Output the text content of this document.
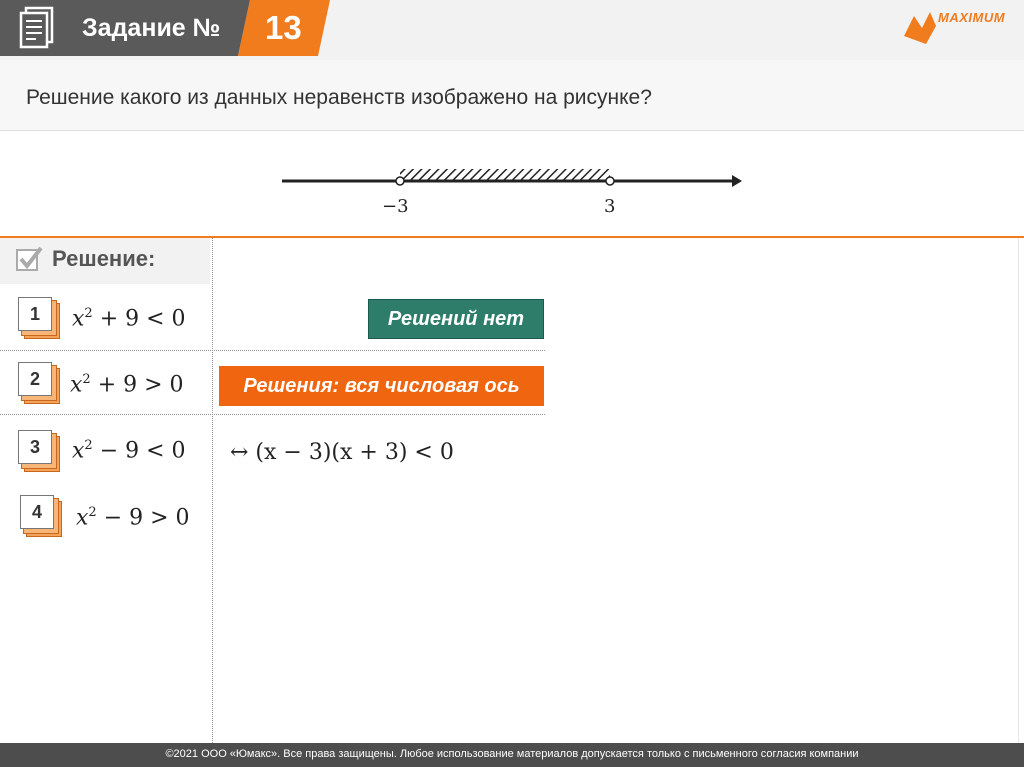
Задание № 13	MAXIMUM
Решение какого из данных неравенств изображено на рисунке?
−3	3
Решение:
1	$x^2 + 9 < 0$
2	$x^2 + 9 > 0$
3	$x^2 - 9 < 0$
4	$x^2 - 9 > 0$
Решений нет
Решения: вся числовая ось
↔ (x − 3)(x + 3) < 0
©2021 ООО «Юмакс». Все права защищены. Любое использование материалов допускается только с письменного согласия компании
